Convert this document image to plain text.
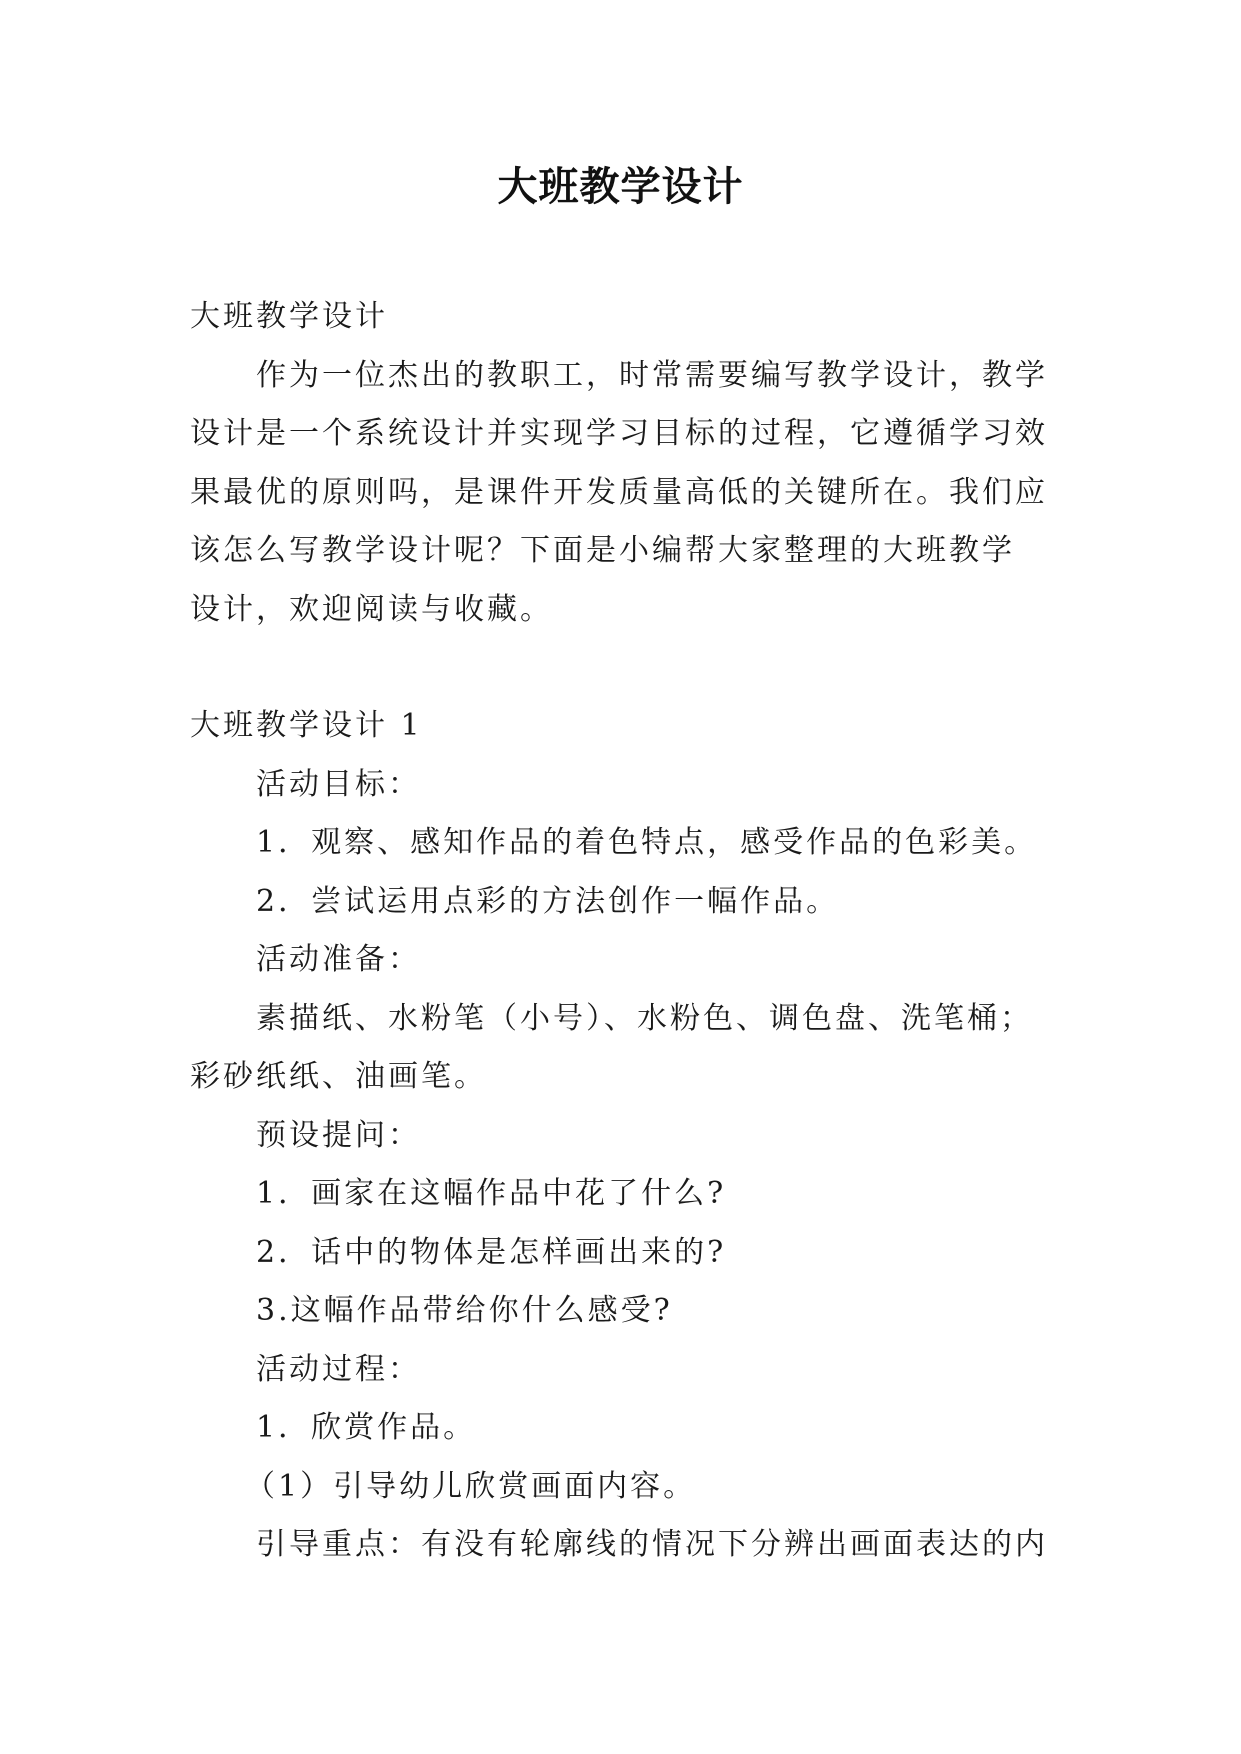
大班教学设计
大班教学设计
作为一位杰出的教职工，时常需要编写教学设计，教学
设计是一个系统设计并实现学习目标的过程，它遵循学习效
果最优的原则吗，是课件开发质量高低的关键所在。我们应
该怎么写教学设计呢？下面是小编帮大家整理的大班教学
设计，欢迎阅读与收藏。
大班教学设计 1
活动目标：
1．观察、感知作品的着色特点，感受作品的色彩美。
2．尝试运用点彩的方法创作一幅作品。
活动准备：
素描纸、水粉笔（小号）、水粉色、调色盘、洗笔桶；
彩砂纸纸、油画笔。
预设提问：
1．画家在这幅作品中花了什么?
2．话中的物体是怎样画出来的?
3.这幅作品带给你什么感受?
活动过程：
1．欣赏作品。
（1）引导幼儿欣赏画面内容。
引导重点：有没有轮廓线的情况下分辨出画面表达的内
